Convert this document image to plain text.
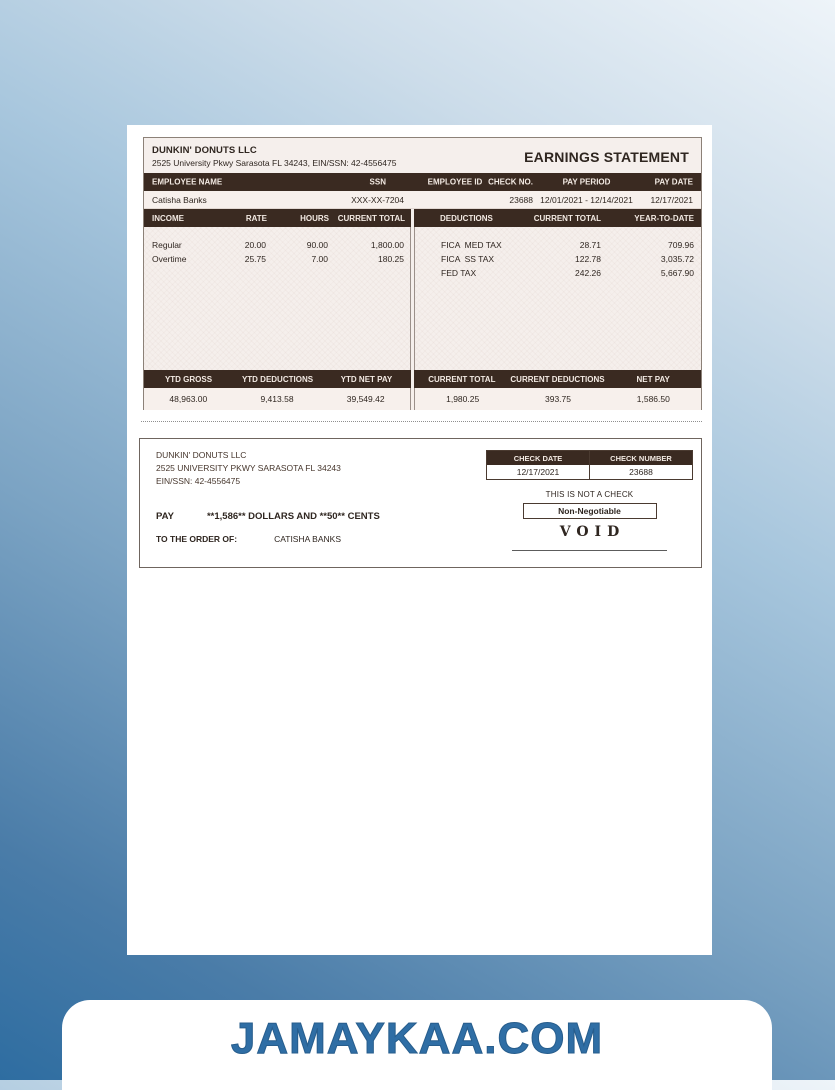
DUNKIN' DONUTS LLC
2525 University Pkwy Sarasota FL 34243, EIN/SSN: 42-4556475	EARNINGS STATEMENT
EMPLOYEE NAME	SSN	EMPLOYEE ID CHECK NO.	PAY PERIOD	PAY DATE
Catisha Banks	XXX-XX-7204	23688 12/01/2021 - 12/14/2021	12/17/2021
INCOME	RATE	HOURS	CURRENT TOTAL	DEDUCTIONS	CURRENT TOTAL	YEAR-TO-DATE
Regular	20.00	90.00	1,800.00
Overtime	25.75	7.00	180.25
FICA  MED TAX	28.71	709.96
FICA  SS TAX	122.78	3,035.72
FED TAX	242.26	5,667.90
YTD GROSS	YTD DEDUCTIONS	YTD NET PAY	CURRENT TOTAL	CURRENT DEDUCTIONS	NET PAY
48,963.00	9,413.58	39,549.42	1,980.25	393.75	1,586.50
DUNKIN' DONUTS LLC
2525 UNIVERSITY PKWY SARASOTA FL 34243
EIN/SSN: 42-4556475
PAY	**1,586** DOLLARS AND **50** CENTS
TO THE ORDER OF:	CATISHA BANKS
CHECK DATE	CHECK NUMBER
12/17/2021	23688
THIS IS NOT A CHECK
Non-Negotiable
VOID
JAMAYKAA.COM
